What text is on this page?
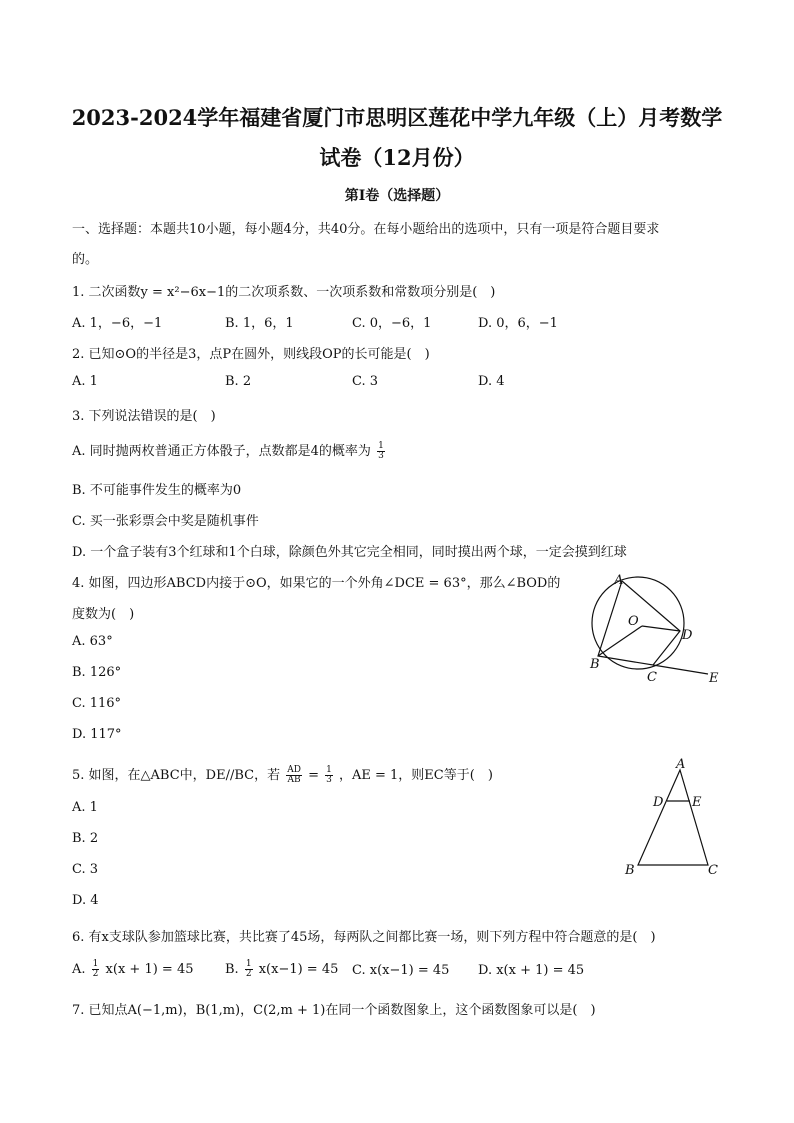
2023-2024学年福建省厦门市思明区莲花中学九年级（上）月考数学
试卷（12月份）
第I卷（选择题）
一、选择题：本题共10小题，每小题4分，共40分。在每小题给出的选项中，只有一项是符合题目要求
的。
1. 二次函数y = x²−6x−1的二次项系数、一次项系数和常数项分别是(　)
A. 1，−6，−1	B. 1，6，1	C. 0，−6，1	D. 0，6，−1
2. 已知⊙O的半径是3，点P在圆外，则线段OP的长可能是(　)
A. 1	B. 2	C. 3	D. 4
3. 下列说法错误的是(　)
A. 同时抛两枚普通正方体骰子，点数都是4的概率为 $\frac{1}{3}$
B. 不可能事件发生的概率为0
C. 买一张彩票会中奖是随机事件
D. 一个盒子装有3个红球和1个白球，除颜色外其它完全相同，同时摸出两个球，一定会摸到红球
4. 如图，四边形ABCD内接于⊙O，如果它的一个外角∠DCE = 63°，那么∠BOD的
度数为(　)
A. 63°
B. 126°
C. 116°
D. 117°
A
B
C
D
E
O
5. 如图，在△ABC中，DE//BC，若 $\frac{AD}{AB} = \frac{1}{3}$ ，AE = 1，则EC等于(　)
A. 1
B. 2
C. 3
D. 4
A
D E
B	C
6. 有x支球队参加篮球比赛，共比赛了45场，每两队之间都比赛一场，则下列方程中符合题意的是(　)
A. $\frac{1}{2} x(x + 1) = 45$ B. $\frac{1}{2} x(x-1) = 45$ C. x(x−1) = 45 D. x(x + 1) = 45
7. 已知点A(−1,m)，B(1,m)，C(2,m + 1)在同一个函数图象上，这个函数图象可以是(　)
